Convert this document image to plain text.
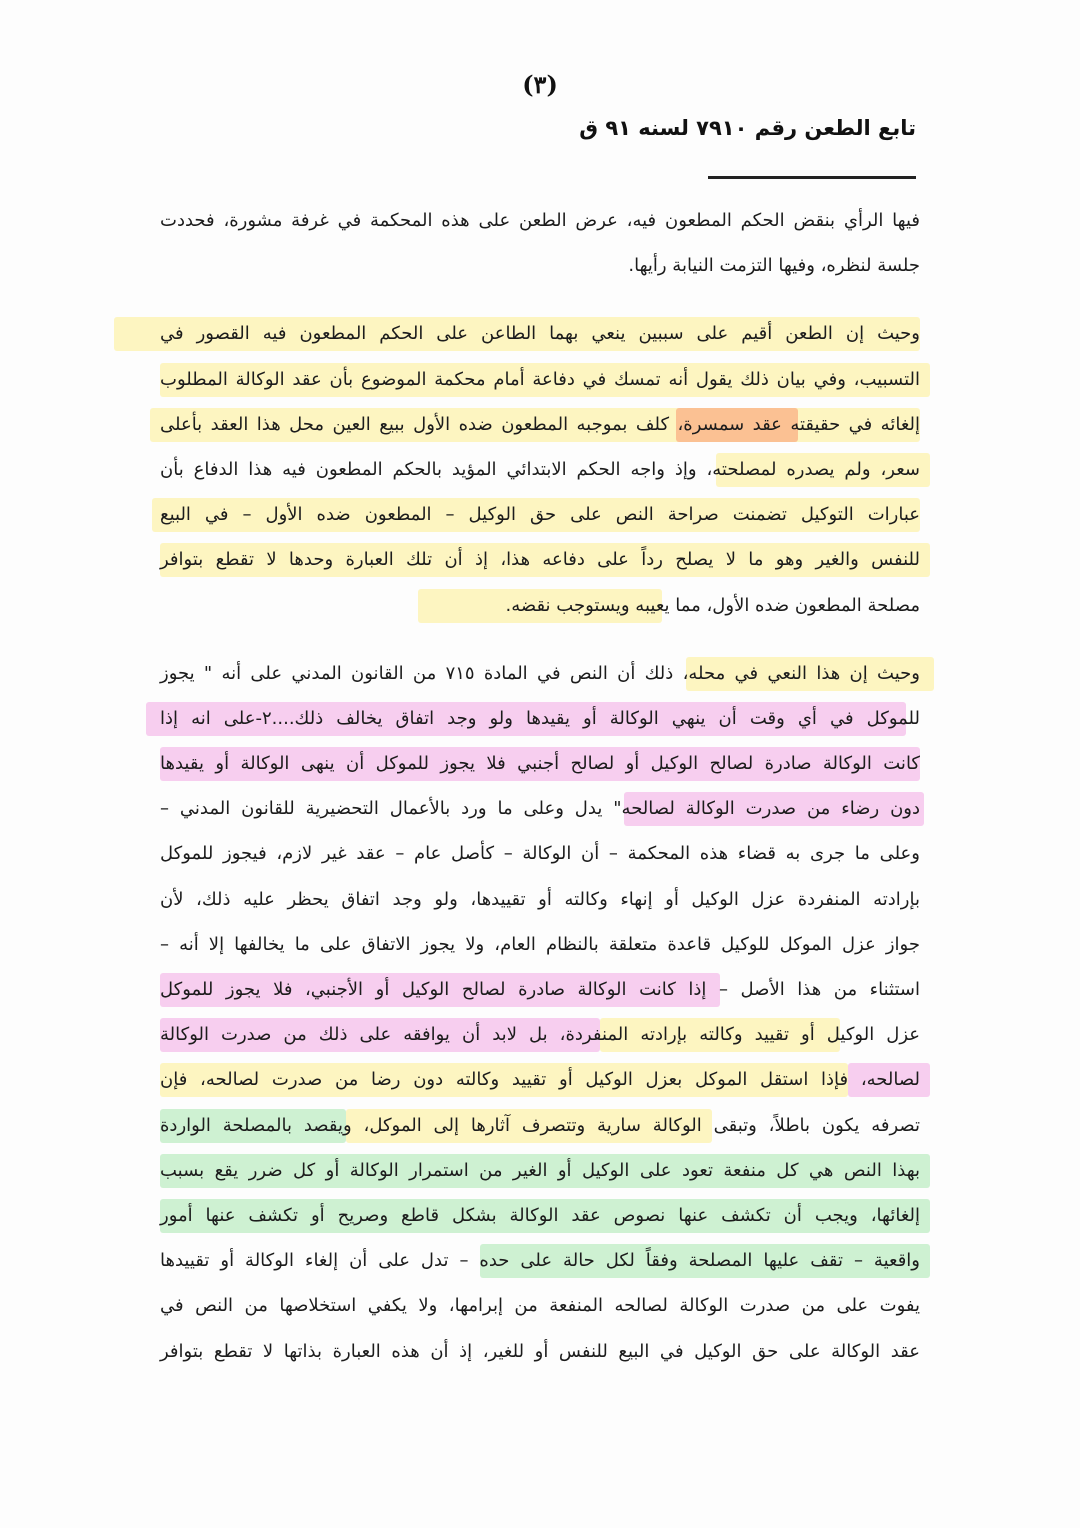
(٣)
تابع الطعن رقم ٧٩١٠ لسنه ٩١ ق
فيها الرأي بنقض الحكم المطعون فيه، عرض الطعن على هذه المحكمة في غرفة مشورة، فحددت
جلسة لنظره، وفيها التزمت النيابة رأيها.
وحيث إن الطعن أقيم على سببين ينعي بهما الطاعن على الحكم المطعون فيه القصور في
التسبيب، وفي بيان ذلك يقول أنه تمسك في دفاعة أمام محكمة الموضوع بأن عقد الوكالة المطلوب
إلغائه في حقيقته عقد سمسرة، كلف بموجبه المطعون ضده الأول ببيع العين محل هذا العقد بأعلى
سعر، ولم يصدره لمصلحته، وإذ واجه الحكم الابتدائي المؤيد بالحكم المطعون فيه هذا الدفاع بأن
عبارات التوكيل تضمنت صراحة النص على حق الوكيل – المطعون ضده الأول – في البيع
للنفس والغير وهو ما لا يصلح رداً على دفاعه هذا، إذ أن تلك العبارة وحدها لا تقطع بتوافر
مصلحة المطعون ضده الأول، مما يعيبه ويستوجب نقضه.
وحيث إن هذا النعي في محله، ذلك أن النص في المادة ٧١٥ من القانون المدني على أنه " يجوز
للموكل في أي وقت أن ينهي الوكالة أو يقيدها ولو وجد اتفاق يخالف ذلك....٢-على انه إذا
كانت الوكالة صادرة لصالح الوكيل أو لصالح أجنبي فلا يجوز للموكل أن ينهى الوكالة أو يقيدها
دون رضاء من صدرت الوكالة لصالحه" يدل وعلى ما ورد بالأعمال التحضيرية للقانون المدني –
وعلى ما جرى به قضاء هذه المحكمة – أن الوكالة – كأصل عام – عقد غير لازم، فيجوز للموكل
بإرادته المنفردة عزل الوكيل أو إنهاء وكالته أو تقييدها، ولو وجد اتفاق يحظر عليه ذلك، لأن
جواز عزل الموكل للوكيل قاعدة متعلقة بالنظام العام، ولا يجوز الاتفاق على ما يخالفها إلا أنه –
استثناء من هذا الأصل – إذا كانت الوكالة صادرة لصالح الوكيل أو الأجنبي، فلا يجوز للموكل
عزل الوكيل أو تقييد وكالته بإرادته المنفردة، بل لابد أن يوافقه على ذلك من صدرت الوكالة
لصالحه، فإذا استقل الموكل بعزل الوكيل أو تقييد وكالته دون رضا من صدرت لصالحه، فإن
تصرفه يكون باطلاً، وتبقى الوكالة سارية وتتصرف آثارها إلى الموكل، ويقصد بالمصلحة الواردة
بهذا النص هي كل منفعة تعود على الوكيل أو الغير من استمرار الوكالة أو كل ضرر يقع بسبب
إلغائها، ويجب أن تكشف عنها نصوص عقد الوكالة بشكل قاطع وصريح أو تكشف عنها أمور
واقعية – تقف عليها المصلحة وفقاً لكل حالة على حده – تدل على أن إلغاء الوكالة أو تقييدها
يفوت على من صدرت الوكالة لصالحه المنفعة من إبرامها، ولا يكفي استخلاصها من النص في
عقد الوكالة على حق الوكيل في البيع للنفس أو للغير، إذ أن هذه العبارة بذاتها لا تقطع بتوافر
